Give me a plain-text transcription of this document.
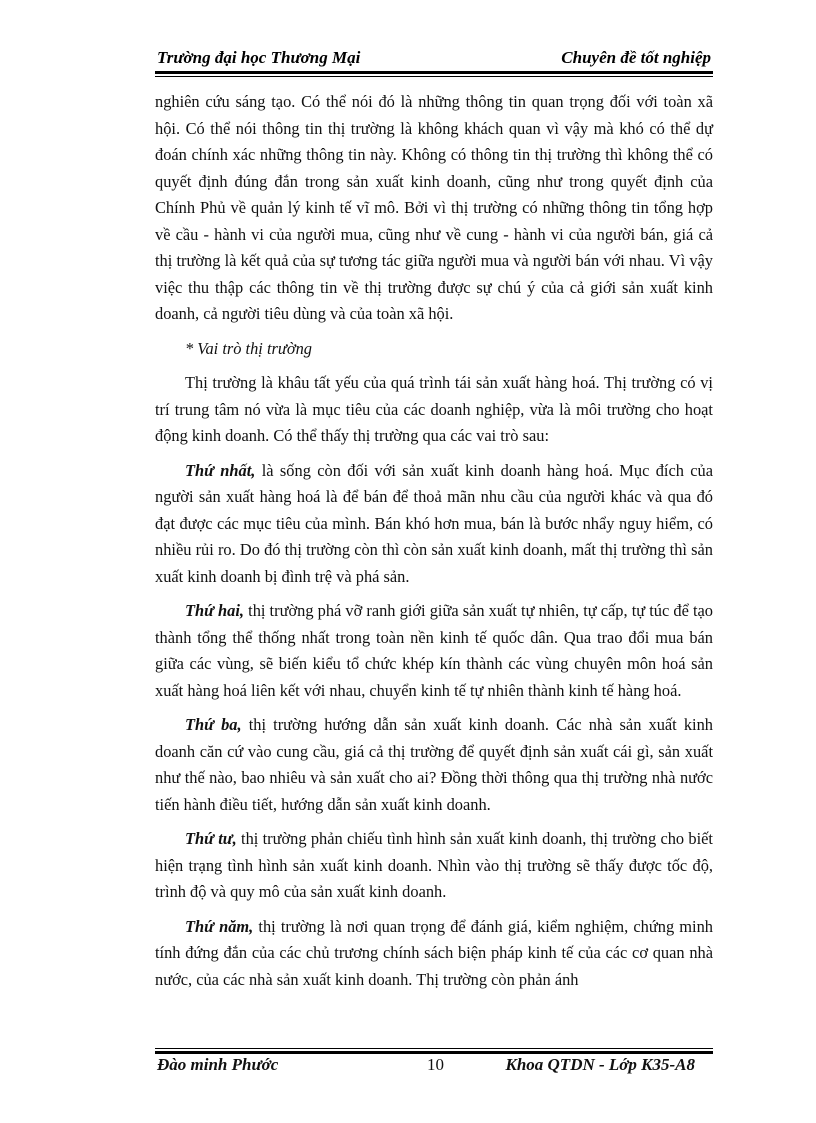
Trường đại học Thương Mại	Chuyên đề tốt nghiệp

nghiên cứu sáng tạo. Có thể nói đó là những thông tin quan trọng đối với toàn xã hội. Có thể nói thông tin thị trường là không khách quan vì vậy mà khó có thể dự đoán chính xác những thông tin này. Không có thông tin thị trường thì không thể có quyết định đúng đắn trong sản xuất kinh doanh, cũng như trong quyết định của Chính Phủ về quản lý kinh tế vĩ mô. Bởi vì thị trường có những thông tin tổng hợp về cầu - hành vi của người mua, cũng như về cung - hành vi của người bán, giá cả thị trường là kết quả của sự tương tác giữa người mua và người bán với nhau. Vì vậy việc thu thập các thông tin về thị trường được sự chú ý của cả giới sản xuất kinh doanh, cả người tiêu dùng và của toàn xã hội.

* Vai trò thị trường

Thị trường là khâu tất yếu của quá trình tái sản xuất hàng hoá. Thị trường có vị trí trung tâm nó vừa là mục tiêu của các doanh nghiệp, vừa là môi trường cho hoạt động kinh doanh. Có thể thấy thị trường qua các vai trò sau:

Thứ nhất, là sống còn đối với sản xuất kinh doanh hàng hoá. Mục đích của người sản xuất hàng hoá là để bán để thoả mãn nhu cầu của người khác và qua đó đạt được các mục tiêu của mình. Bán khó hơn mua, bán là bước nhẩy nguy hiểm, có nhiều rủi ro. Do đó thị trường còn thì còn sản xuất kinh doanh, mất thị trường thì sản xuất kinh doanh bị đình trệ và phá sản.

Thứ hai, thị trường phá vỡ ranh giới giữa sản xuất tự nhiên, tự cấp, tự túc để tạo thành tổng thể thống nhất trong toàn nền kinh tế quốc dân. Qua trao đổi mua bán giữa các vùng, sẽ biến kiểu tổ chức khép kín thành các vùng chuyên môn hoá sản xuất hàng hoá liên kết với nhau, chuyển kinh tế tự nhiên thành kinh tế hàng hoá.

Thứ ba, thị trường hướng dẫn sản xuất kinh doanh. Các nhà sản xuất kinh doanh căn cứ vào cung cầu, giá cả thị trường để quyết định sản xuất cái gì, sản xuất như thế nào, bao nhiêu và sản xuất cho ai? Đồng thời thông qua thị trường nhà nước tiến hành điều tiết, hướng dẫn sản xuất kinh doanh.

Thứ tư, thị trường phản chiếu tình hình sản xuất kinh doanh, thị trường cho biết hiện trạng tình hình sản xuất kinh doanh. Nhìn vào thị trường sẽ thấy được tốc độ, trình độ và quy mô của sản xuất kinh doanh.

Thứ năm, thị trường là nơi quan trọng để đánh giá, kiểm nghiệm, chứng minh tính đứng đắn của các chủ trương chính sách biện pháp kinh tế của các cơ quan nhà nước, của các nhà sản xuất kinh doanh. Thị trường còn phản ánh

Đào minh Phước	10	Khoa QTDN - Lớp K35-A8
